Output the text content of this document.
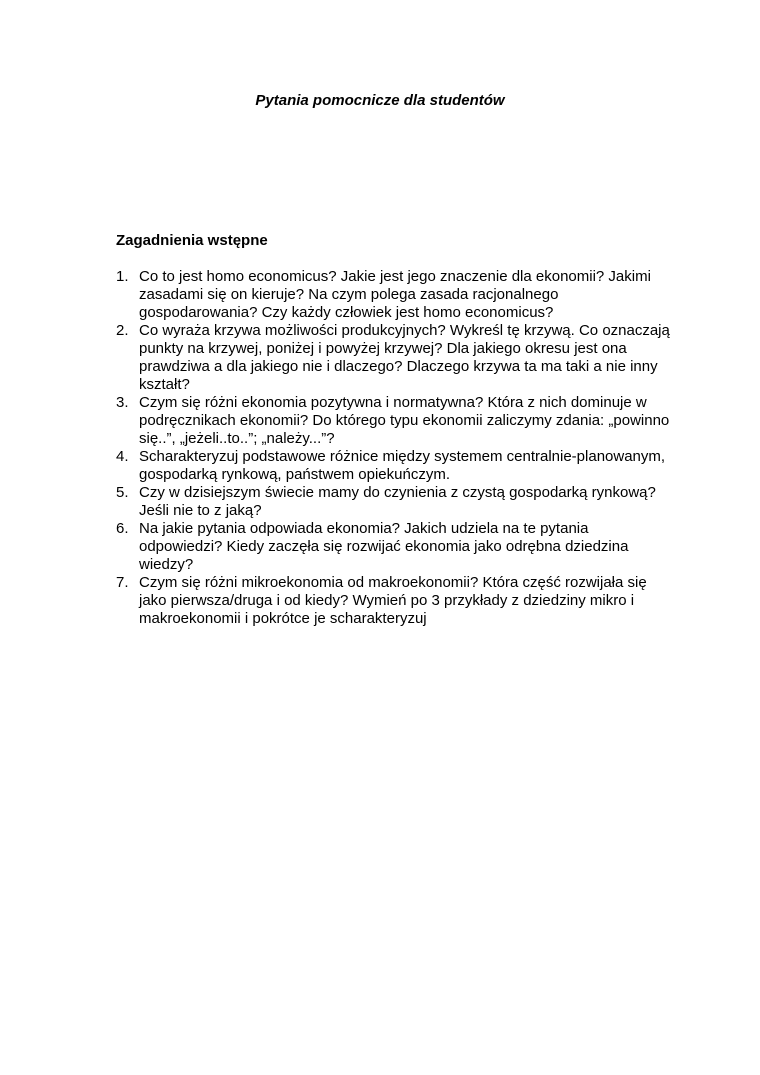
Pytania pomocnicze dla studentów
Zagadnienia wstępne
1. Co to jest homo economicus? Jakie jest jego znaczenie dla ekonomii? Jakimi zasadami się on kieruje? Na czym polega zasada racjonalnego gospodarowania? Czy każdy człowiek jest homo economicus?
2. Co wyraża krzywa możliwości produkcyjnych? Wykreśl tę krzywą. Co oznaczają punkty na krzywej, poniżej i powyżej krzywej? Dla jakiego okresu jest ona prawdziwa a dla jakiego nie i dlaczego? Dlaczego krzywa ta ma taki a nie inny kształt?
3. Czym się różni ekonomia pozytywna i normatywna? Która z nich dominuje w podręcznikach ekonomii? Do którego typu ekonomii zaliczymy zdania: „powinno się..”, „jeżeli..to..”; „należy...”?
4. Scharakteryzuj podstawowe różnice między systemem centralnie-planowanym, gospodarką rynkową, państwem opiekuńczym.
5. Czy w dzisiejszym świecie mamy do czynienia z czystą gospodarką rynkową? Jeśli nie to z jaką?
6. Na jakie pytania odpowiada ekonomia? Jakich udziela na te pytania odpowiedzi? Kiedy zaczęła się rozwijać ekonomia jako odrębna dziedzina wiedzy?
7. Czym się różni mikroekonomia od makroekonomii? Która część rozwijała się jako pierwsza/druga i od kiedy? Wymień po 3 przykłady z dziedziny mikro i makroekonomii i pokrótce je scharakteryzuj
